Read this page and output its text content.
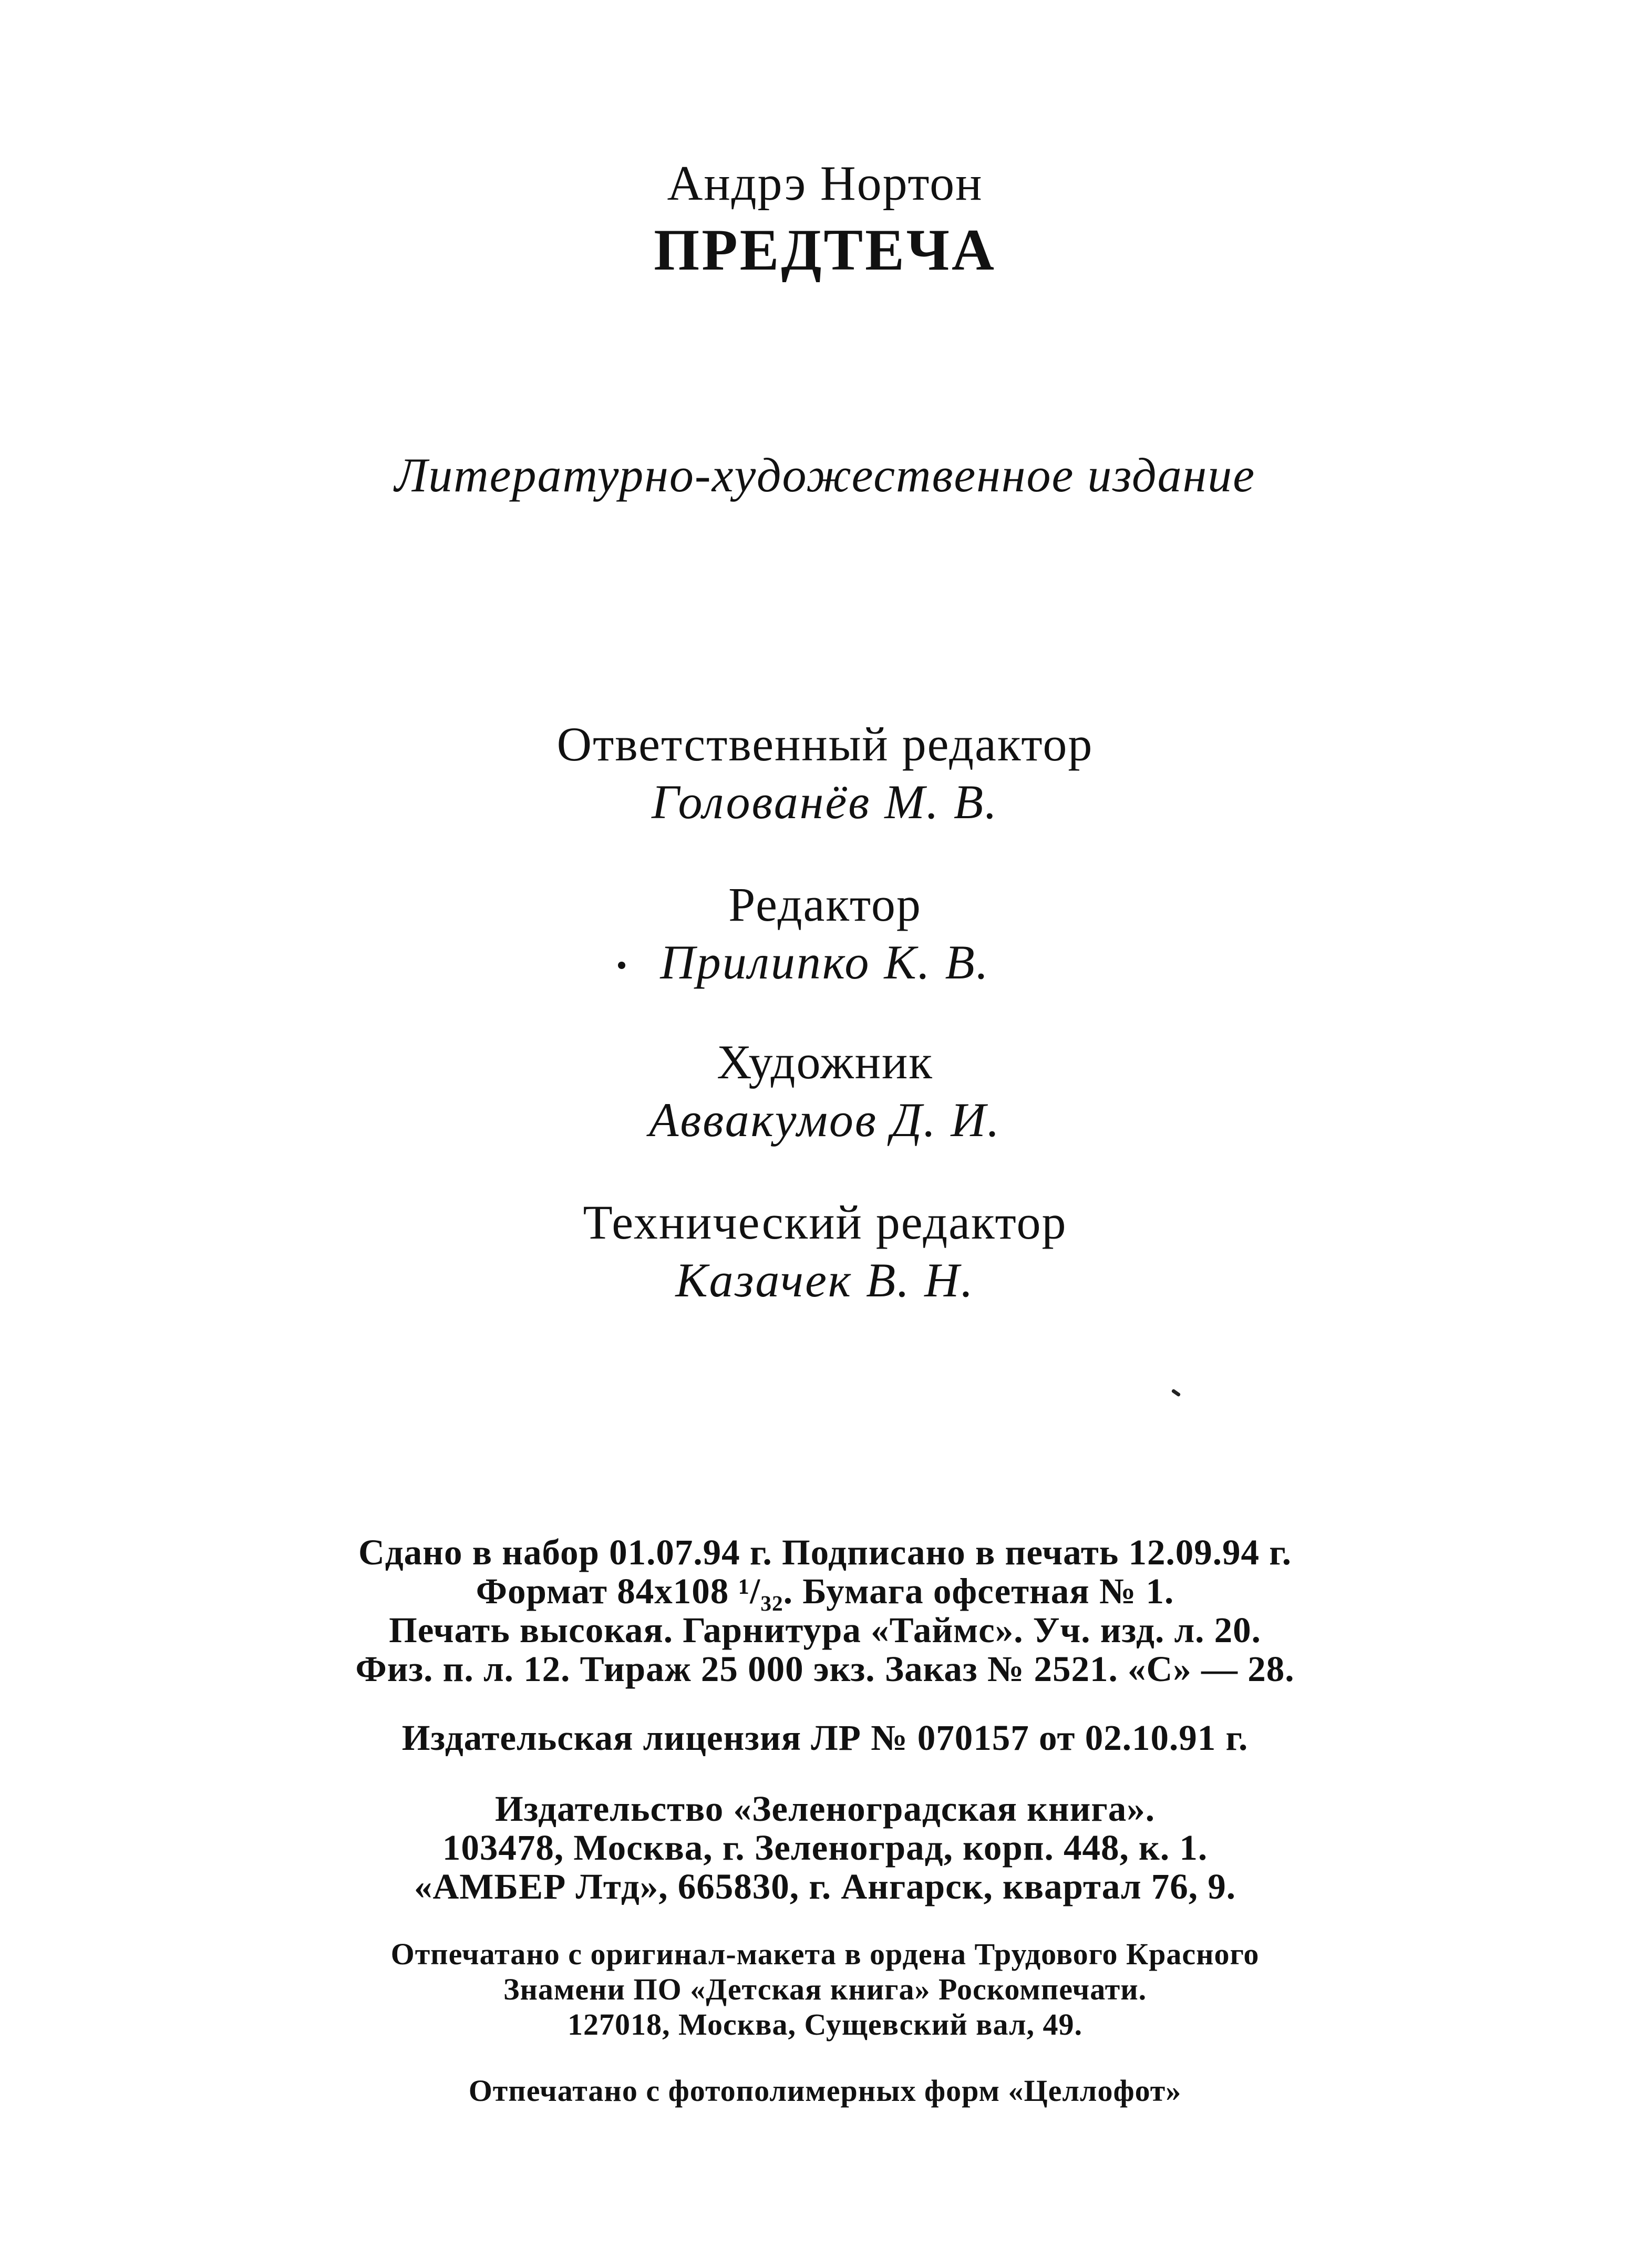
Андрэ Нортон
ПРЕДТЕЧА
Литературно-художественное издание
Ответственный редактор
Голованёв М. В.
Редактор
Прилипко К. В.
Художник
Аввакумов Д. И.
Технический редактор
Казачек В. Н.
Сдано в набор 01.07.94 г. Подписано в печать 12.09.94 г.
Формат 84х108 ¹/₃₂. Бумага офсетная № 1.
Печать высокая. Гарнитура «Таймс». Уч. изд. л. 20.
Физ. п. л. 12. Тираж 25 000 экз. Заказ № 2521. «С» — 28.
Издательская лицензия ЛР № 070157 от 02.10.91 г.
Издательство «Зеленоградская книга».
103478, Москва, г. Зеленоград, корп. 448, к. 1.
«АМБЕР Лтд», 665830, г. Ангарск, квартал 76, 9.
Отпечатано с оригинал-макета в ордена Трудового Красного
Знамени ПО «Детская книга» Роскомпечати.
127018, Москва, Сущевский вал, 49.
Отпечатано с фотополимерных форм «Целлофот»
